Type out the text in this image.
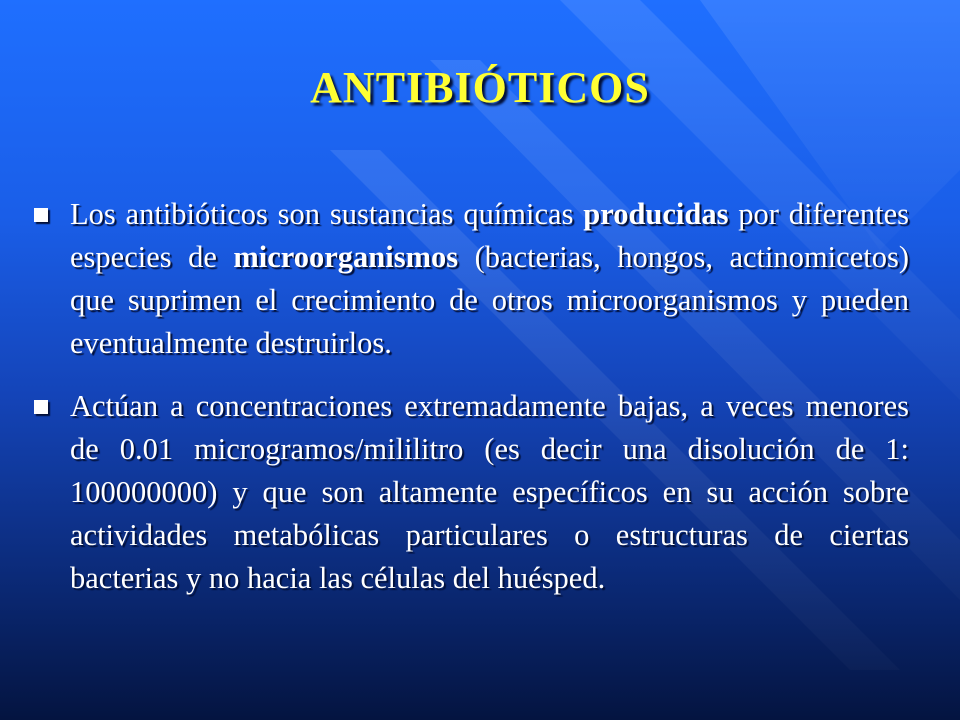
ANTIBIÓTICOS
Los antibióticos son sustancias químicas producidas por diferentes especies de microorganismos (bacterias, hongos, actinomicetos) que suprimen el crecimiento de otros microorganismos y pueden eventualmente destruirlos.
Actúan a concentraciones extremadamente bajas, a veces menores de 0.01 microgramos/mililitro (es decir una disolución de 1: 100000000) y que son altamente específicos en su acción sobre actividades metabólicas particulares o estructuras de ciertas bacterias y no hacia las células del huésped.
